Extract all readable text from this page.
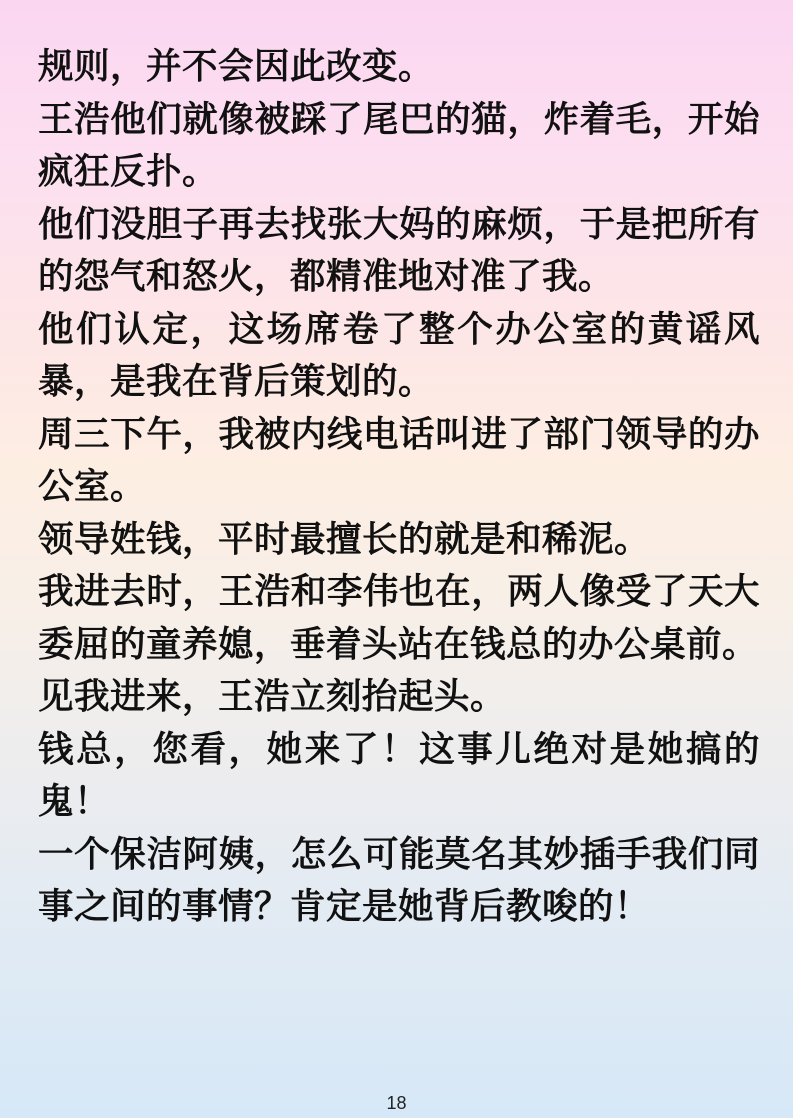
规则，并不会因此改变。

王浩他们就像被踩了尾巴的猫，炸着毛，开始疯狂反扑。

他们没胆子再去找张大妈的麻烦，于是把所有的怨气和怒火，都精准地对准了我。

他们认定，这场席卷了整个办公室的黄谣风暴，是我在背后策划的。

周三下午，我被内线电话叫进了部门领导的办公室。

领导姓钱，平时最擅长的就是和稀泥。

我进去时，王浩和李伟也在，两人像受了天大委屈的童养媳，垂着头站在钱总的办公桌前。

见我进来，王浩立刻抬起头。

钱总，您看，她来了！这事儿绝对是她搞的鬼！

一个保洁阿姨，怎么可能莫名其妙插手我们同事之间的事情？肯定是她背后教唆的！

18
